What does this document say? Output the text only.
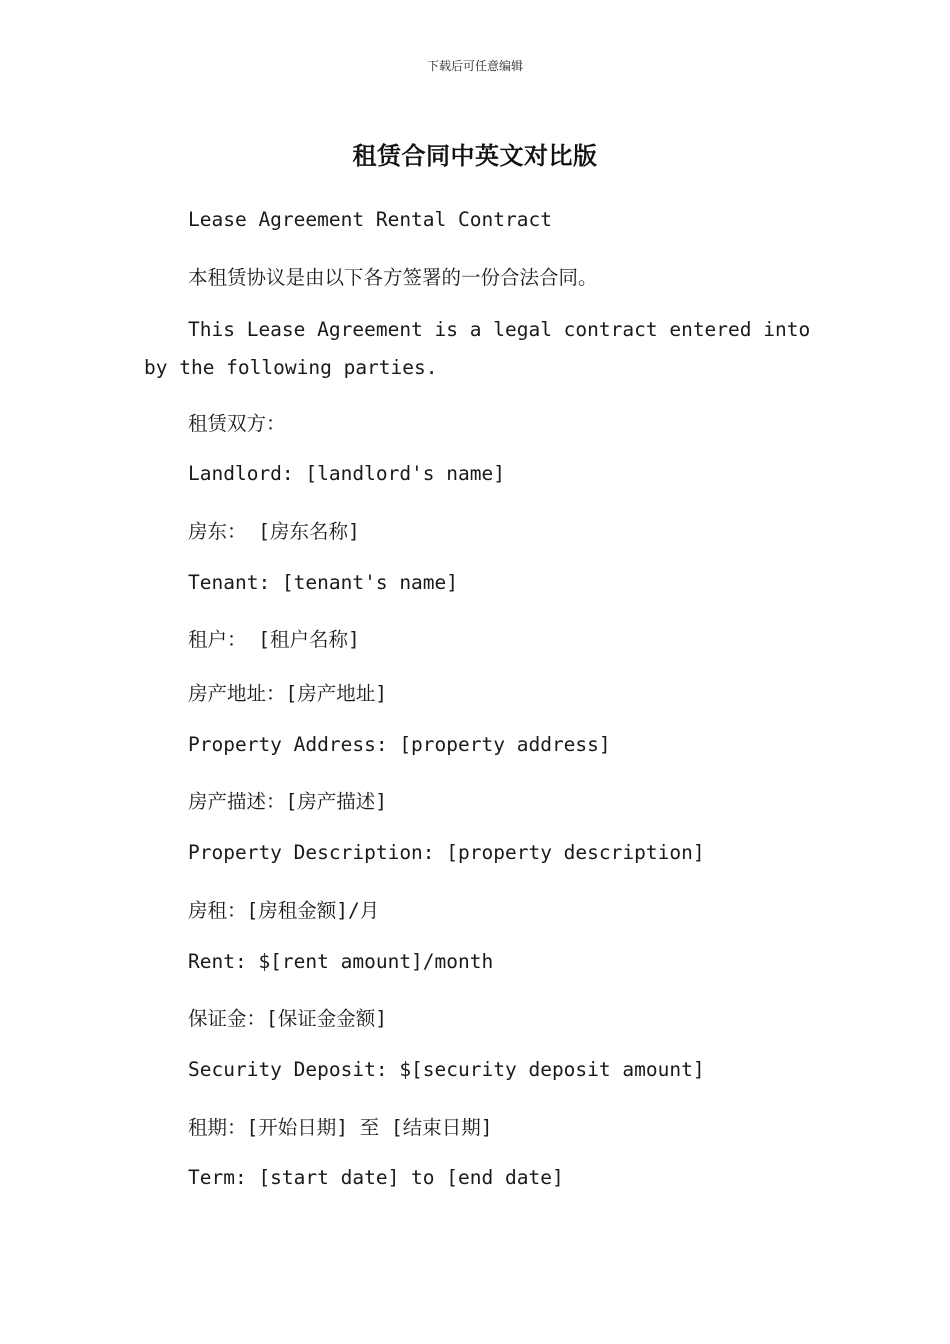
下载后可任意编辑
租赁合同中英文对比版
Lease Agreement Rental Contract
本租赁协议是由以下各方签署的一份合法合同。
This Lease Agreement is a legal contract entered into
by the following parties.
租赁双方：
Landlord: [landlord's name]
房东： [房东名称]
Tenant: [tenant's name]
租户： [租户名称]
房产地址：[房产地址]
Property Address: [property address]
房产描述：[房产描述]
Property Description: [property description]
房租：[房租金额]/月
Rent: $[rent amount]/month
保证金：[保证金金额]
Security Deposit: $[security deposit amount]
租期：[开始日期] 至 [结束日期]
Term: [start date] to [end date]
